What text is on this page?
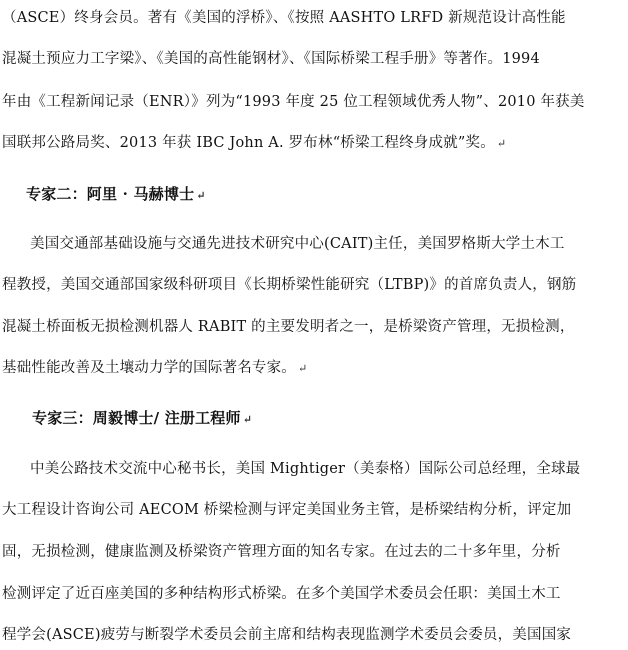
（ASCE）终身会员。著有《美国的浮桥》、《按照 AASHTO LRFD 新规范设计高性能
混凝土预应力工字梁》、《美国的高性能钢材》、《国际桥梁工程手册》等著作。1994
年由《工程新闻记录（ENR）》列为“1993 年度 25 位工程领域优秀人物”、2010 年获美
国联邦公路局奖、2013 年获 IBC John A. 罗布林“桥梁工程终身成就”奖。 ↵
专家二：阿里 · 马赫博士 ↵
美国交通部基础设施与交通先进技术研究中心(CAIT)主任，美国罗格斯大学土木工
程教授，美国交通部国家级科研项目《长期桥梁性能研究（LTBP)》的首席负责人，钢筋
混凝土桥面板无损检测机器人 RABIT 的主要发明者之一，是桥梁资产管理，无损检测，
基础性能改善及土壤动力学的国际著名专家。 ↵
专家三：周毅博士/ 注册工程师 ↵
中美公路技术交流中心秘书长，美国 Mightiger（美泰格）国际公司总经理，全球最
大工程设计咨询公司 AECOM 桥梁检测与评定美国业务主管，是桥梁结构分析，评定加
固，无损检测，健康监测及桥梁资产管理方面的知名专家。在过去的二十多年里，分析
检测评定了近百座美国的多种结构形式桥梁。在多个美国学术委员会任职：美国土木工
程学会(ASCE)疲劳与断裂学术委员会前主席和结构表现监测学术委员会委员，美国国家
